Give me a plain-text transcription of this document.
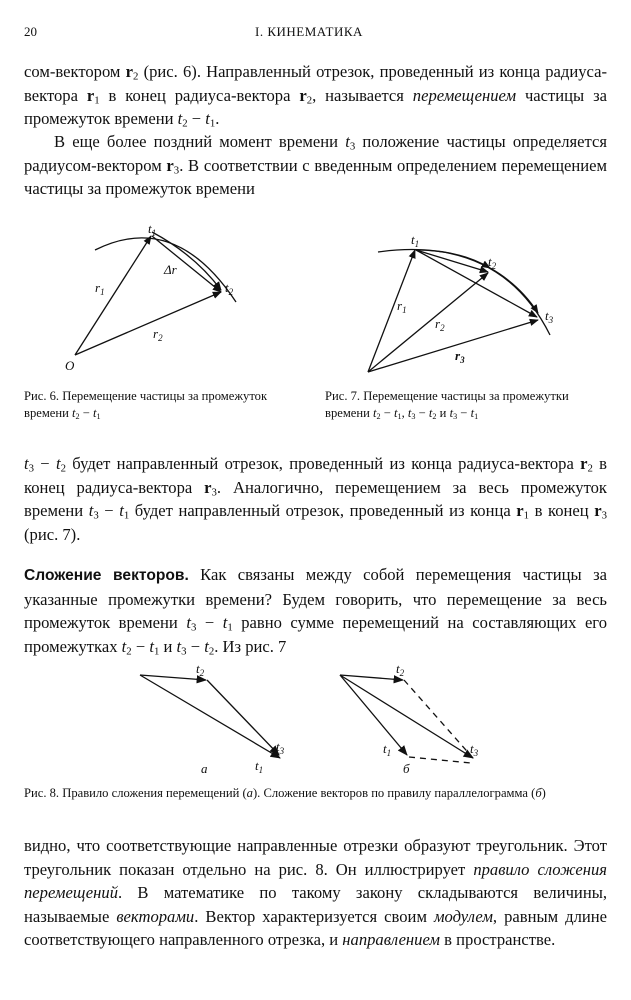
20	I. КИНЕМАТИКА

сом-вектором $r_2$ (рис. 6). Направленный отрезок, проведенный из конца радиуса-вектора $r_1$ в конец радиуса-вектора $r_2$, называется перемещением частицы за промежуток времени $t_2 - t_1$.

В еще более поздний момент времени $t_3$ положение частицы определяется радиусом-вектором $r_3$. В соответствии с введенным определением перемещением частицы за промежуток времени

$t_1$
$t_2$
$r_1$
$r_2$
Δr
O
$t_1$
$t_2$
$t_3$
$r_1$
$r_2$
$r_3$

Рис. 6. Перемещение частицы за промежуток времени $t_2 - t_1$

Рис. 7. Перемещение частицы за промежутки времени $t_2 - t_1$, $t_3 - t_2$ и $t_3 - t_1$

$t_3 - t_2$ будет направленный отрезок, проведенный из конца радиуса-вектора $r_2$ в конец радиуса-вектора $r_3$. Аналогично, перемещением за весь промежуток времени $t_3 - t_1$ будет направленный отрезок, проведенный из конца $r_1$ в конец $r_3$ (рис. 7).

Сложение векторов. Как связаны между собой перемещения частицы за указанные промежутки времени? Будем говорить, что перемещение за весь промежуток времени $t_3 - t_1$ равно сумме перемещений на составляющих его промежутках $t_2 - t_1$ и $t_3 - t_2$. Из рис. 7

$t_2$
$t_3$
$t_1$
а
$t_2$
$t_3$
$t_1$
б

Рис. 8. Правило сложения перемещений (а). Сложение векторов по правилу параллелограмма (б)

видно, что соответствующие направленные отрезки образуют треугольник. Этот треугольник показан отдельно на рис. 8. Он иллюстрирует правило сложения перемещений. В математике по такому закону складываются величины, называемые векторами. Вектор характеризуется своим модулем, равным длине соответствующего направленного отрезка, и направлением в пространстве.
